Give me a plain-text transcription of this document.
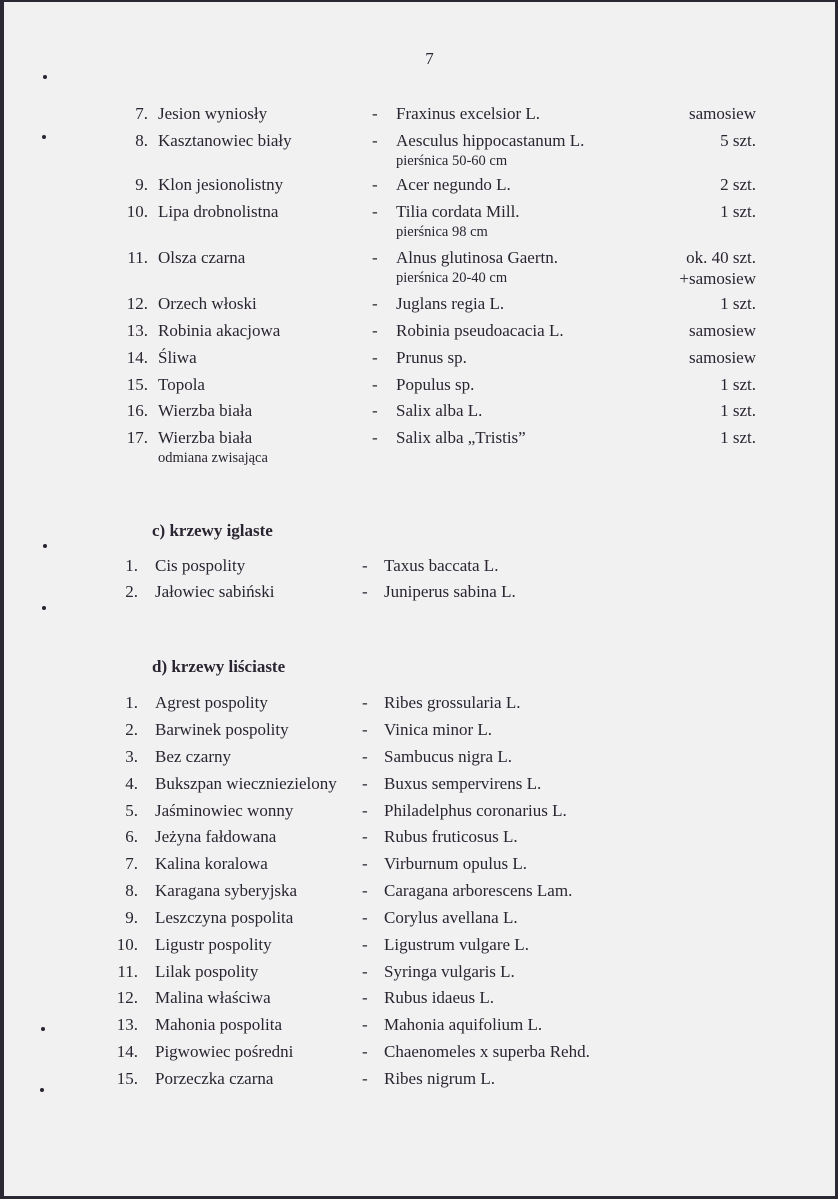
7
7. Jesion wyniosły	- Fraxinus excelsior L.	samosiew
8. Kasztanowiec biały	- Aesculus hippocastanum L.	5 szt.
pierśnica 50-60 cm
9. Klon jesionolistny	- Acer negundo L.	2 szt.
10. Lipa drobnolistna	- Tilia cordata Mill.	1 szt.
pierśnica 98 cm
11. Olsza czarna	- Alnus glutinosa Gaertn.	ok. 40 szt.
pierśnica 20-40 cm	+samosiew
12. Orzech włoski	- Juglans regia L.	1 szt.
13. Robinia akacjowa	- Robinia pseudoacacia L.	samosiew
14. Śliwa	- Prunus sp.	samosiew
15. Topola	- Populus sp.	1 szt.
16. Wierzba biała	- Salix alba L.	1 szt.
17. Wierzba biała	- Salix alba „Tristis”	1 szt.
odmiana zwisająca
c) krzewy iglaste
1. Cis pospolity	- Taxus baccata L.
2. Jałowiec sabiński	- Juniperus sabina L.
d) krzewy liściaste
1. Agrest pospolity	- Ribes grossularia L.
2. Barwinek pospolity	- Vinica minor L.
3. Bez czarny	- Sambucus nigra L.
4. Bukszpan wieczniezielony - Buxus sempervirens L.
5. Jaśminowiec wonny	- Philadelphus coronarius L.
6. Jeżyna fałdowana	- Rubus fruticosus L.
7. Kalina koralowa	- Virburnum opulus L.
8. Karagana syberyjska	- Caragana arborescens Lam.
9. Leszczyna pospolita	- Corylus avellana L.
10. Ligustr pospolity	- Ligustrum vulgare L.
11. Lilak pospolity	- Syringa vulgaris L.
12. Malina właściwa	- Rubus idaeus L.
13. Mahonia pospolita	- Mahonia aquifolium L.
14. Pigwowiec pośredni	- Chaenomeles x superba Rehd.
15. Porzeczka czarna	- Ribes nigrum L.
